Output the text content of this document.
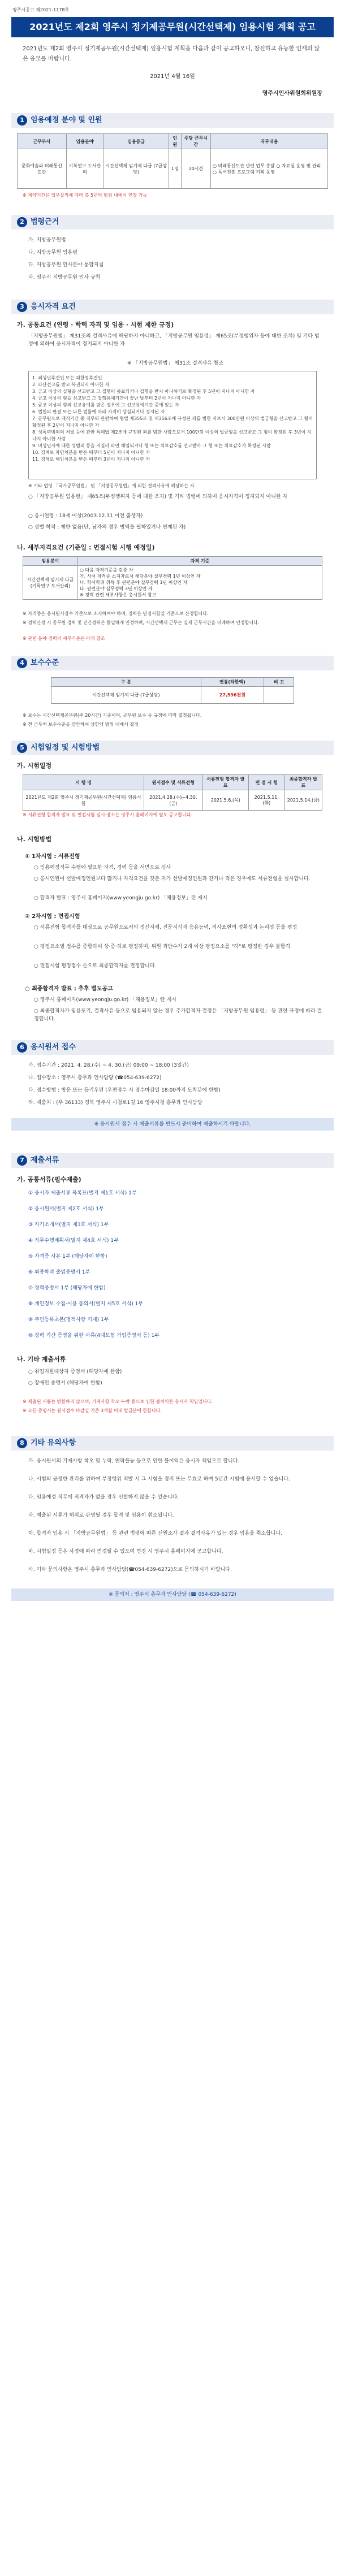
영주시공고 제2021-1178호
2021년도 제2회 영주시 정기제공무원(시간선택제) 임용시험 계획 공고
2021년도 제2회 영주시 정기제공무원(시간선택제) 임용시험 계획을 다음과 같이 공고하오니, 참신하고 유능한 인재의 많은 응모를 바랍니다.
2021년 4월 16일
영주시인사위원회위원장
1 임용예정 분야 및 인원
근무부서	임용분야	임용등급	인원	주당 근무시간	직무내용
문화예술과 미래통신도관	기록연구 도서관리	시간선택제 임기제 다급 (7급상당)	1명	20시간	○ 미래통신도관 관련 업무 총괄 ○ 자료실 운영 및 관리 ○ 독서진흥 프로그램 기획 운영
※ 계약기간은 업무실적에 따라 총 5년의 범위 내에서 연장 가능
2 법령근거
가. 지방공무원법
나. 지방공무원 임용령
다. 지방공무원 인사분야 통합지침
라. 영주시 지방공무원 인사 규칙
3 응시자격 요건
가. 공통요건 (연령 · 학력 자격 및 임용 · 시험 제한 규정)
「지방공무원법」 제31조의 결격사유에 해당하지 아니하고, 「지방공무원 임용령」 제65조(부정행위자 등에 대한 조치) 및 기타 법령에 의하여 응시자격이 정지되지 아니한 자
※ 「지방공무원법」 제31조 결격사유 참조
1. 피성년후견인 또는 피한정후견인
2. 파산선고를 받고 복권되지 아니한 자
3. 금고 이상의 실형을 선고받고 그 집행이 종료되거나 집행을 받지 아니하기로 확정된 후 5년이 지나지 아니한 자
4. 금고 이상의 형을 선고받고 그 집행유예기간이 끝난 날부터 2년이 지나지 아니한 자
5. 금고 이상의 형의 선고유예를 받은 경우에 그 선고유예기간 중에 있는 자
6. 법원의 판결 또는 다른 법률에 따라 자격이 상실되거나 정지된 자
7. 공무원으로 재직기간 중 직무와 관련하여 형법 제355조 및 제356조에 규정된 죄를 범한 자로서 300만원 이상의 벌금형을 선고받고 그 형이 확정된 후 2년이 지나지 아니한 자
8. 성폭력범죄의 처벌 등에 관한 특례법 제2조에 규정된 죄를 범한 사람으로서 100만원 이상의 벌금형을 선고받고 그 형이 확정된 후 3년이 지나지 아니한 사람
9. 미성년자에 대한 성범죄 등을 저질러 파면 해임되거나 형 또는 치료감호를 선고받아 그 형 또는 치료감호가 확정된 사람
10. 징계로 파면처분을 받은 때부터 5년이 지나지 아니한 자
11. 징계로 해임처분을 받은 때부터 3년이 지나지 아니한 자
※ 기타 법령 「국가공무원법」 및 「지방공무원법」에 의한 결격사유에 해당하는 자
○ 「지방공무원 임용령」 제65조(부정행위자 등에 대한 조치) 및 기타 법령에 의하여 응시자격이 정지되지 아니한 자
○ 응시연령 : 18세 이상(2003.12.31.이전 출생자)
○ 성별·학력 : 제한 없음(단, 남자의 경우 병역을 필하였거나 면제된 자)
나. 세부자격요건 (기준일 : 면접시험 시행 예정일)
임용분야	자격 기준
시간선택제 임기제 다급 (기록연구 도서관리)	○ 다음 자격기준을 갖춘 자
가. 사서 자격증 소지자로서 해당분야 실무경력 1년 이상인 자
나. 학사학위 취득 후 관련분야 실무경력 1년 이상인 자
다. 관련분야 실무경력 3년 이상인 자
※ 경력 관련 세부사항은 응시원서 참고
※ 자격증은 응시원서접수 기준으로 소지하여야 하며, 경력은 면접시험일 기준으로 산정합니다.
※ 경력산정 시 공무원 경력 및 민간경력은 동일하게 인정하며, 시간선택제 근무는 실제 근무시간을 비례하여 인정합니다.
※ 관련 분야 경력의 세부기준은 아래 참조
4 보수수준
구 분	연봉(하한액)	비 고
시간선택제 임기제 다급 (7급상당)	27,596천원	
※ 보수는 시간선택제공무원(주 20시간) 기준이며, 공무원 보수 등 규정에 따라 결정됩니다.
※ 전 근무처 보수수준을 감안하여 상한액 범위 내에서 결정
5 시험일정 및 시험방법
가. 시험일정
시 행 명	원서접수 및 서류전형	서류전형 합격자 발표	면 접 시 험	최종합격자 발 표
2021년도 제2회 영주시 정기제공무원(시간선택제) 임용시험	2021.4.28.(수)~4.30.(금)	2021.5.6.(목)	2021.5.11.(화)	2021.5.14.(금)
※ 서류전형 합격자 발표 및 면접시험 일시·장소는 영주시 홈페이지에 별도 공고합니다.
나. 시험방법
① 1차시험 : 서류전형
○ 임용예정직무 수행에 필요한 자격, 경력 등을 서면으로 심사
○ 응시인원이 선발예정인원보다 많거나 자격요건을 갖춘 자가 선발예정인원과 같거나 적은 경우에도 서류전형을 실시합니다.
○ 합격자 발표 : 영주시 홈페이지(www.yeongju.go.kr) 「채용정보」란 게시
② 2차시험 : 면접시험
○ 서류전형 합격자를 대상으로 공무원으로서의 정신자세, 전문지식과 응용능력, 의사표현의 정확성과 논리성 등을 평정
○ 평정요소별 점수를 종합하여 상·중·하로 평정하며, 위원 과반수가 2개 이상 평정요소를 "하"로 평정한 경우 불합격
○ 면접시험 평정점수 순으로 최종합격자를 결정합니다.
○ 최종합격자 발표 : 추후 별도공고
○ 영주시 홈페이지(www.yeongju.go.kr) 「채용정보」란 게시
○ 최종합격자가 임용포기, 결격사유 등으로 임용되지 않는 경우 추가합격자 결정은 「지방공무원 임용령」 등 관련 규정에 따라 결정합니다.
6 응시원서 접수
가. 접수기간 : 2021. 4. 28.(수) ~ 4. 30.(금) 09:00 ~ 18:00 (3일간)
나. 접수장소 : 영주시 총무과 인사담당 (☎054-639-6272)
다. 접수방법 : 방문 또는 등기우편 (우편접수 시 접수마감일 18:00까지 도착분에 한함)
라. 제출처 : (우 36133) 경북 영주시 시청로1길 16 영주시청 총무과 인사담당
※ 응시원서 접수 시 제출서류를 반드시 준비하여 제출하시기 바랍니다.
7 제출서류
가. 공통서류(필수제출)
① 응시자 제출서류 목록표(별지 제1호 서식) 1부
② 응시원서(별지 제2호 서식) 1부
③ 자기소개서(별지 제3호 서식) 1부
④ 직무수행계획서(별지 제4호 서식) 1부
⑤ 자격증 사본 1부 (해당자에 한함)
⑥ 최종학력 졸업증명서 1부
⑦ 경력증명서 1부 (해당자에 한함)
⑧ 개인정보 수집·이용 동의서(별지 제5호 서식) 1부
⑨ 주민등록초본(병적사항 기재) 1부
⑩ 경력 기간 증명을 위한 서류(4대보험 가입증명서 등) 1부
나. 기타 제출서류
○ 취업지원대상자 증명서 (해당자에 한함)
○ 장애인 증명서 (해당자에 한함)
※ 제출된 서류는 반환하지 않으며, 기재사항 착오·누락 등으로 인한 불이익은 응시자 책임입니다.
※ 모든 증명서는 원서접수 마감일 기준 3개월 이내 발급분에 한합니다.
8 기타 유의사항
가. 응시원서의 기재사항 착오 및 누락, 연락불능 등으로 인한 불이익은 응시자 책임으로 합니다.
나. 시험의 공정한 관리를 위하여 부정행위 적발 시 그 시험을 정지 또는 무효로 하며 5년간 시험에 응시할 수 없습니다.
다. 임용예정 직무에 적격자가 없을 경우 선발하지 않을 수 있습니다.
라. 제출된 서류가 허위로 판명될 경우 합격 및 임용이 취소됩니다.
마. 합격자 임용 시 「지방공무원법」 등 관련 법령에 따른 신원조사 결과 결격사유가 있는 경우 임용을 취소합니다.
바. 시험일정 등은 사정에 따라 변경될 수 있으며 변경 시 영주시 홈페이지에 공고합니다.
사. 기타 문의사항은 영주시 총무과 인사담당(☎054-639-6272)으로 문의하시기 바랍니다.
※ 문의처 : 영주시 총무과 인사담당 (☎ 054-639-6272)
